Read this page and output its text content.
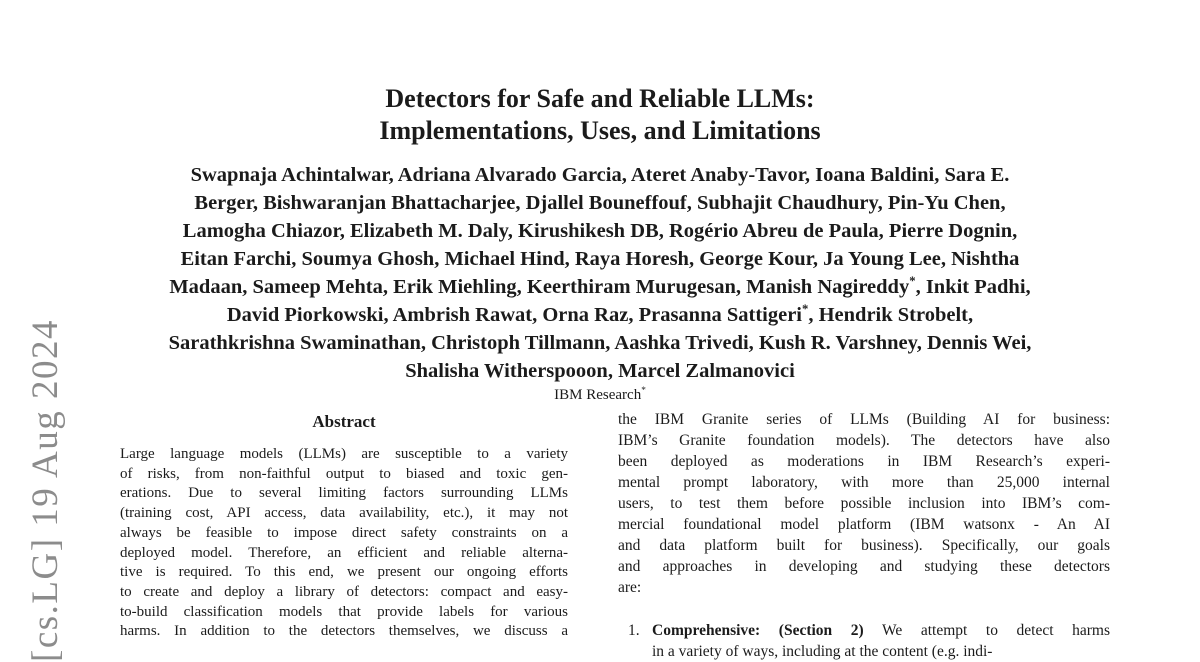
[cs.LG] 19 Aug 2024
Detectors for Safe and Reliable LLMs:
Implementations, Uses, and Limitations
Swapnaja Achintalwar, Adriana Alvarado Garcia, Ateret Anaby-Tavor, Ioana Baldini, Sara E.
Berger, Bishwaranjan Bhattacharjee, Djallel Bouneffouf, Subhajit Chaudhury, Pin-Yu Chen,
Lamogha Chiazor, Elizabeth M. Daly, Kirushikesh DB, Rogério Abreu de Paula, Pierre Dognin,
Eitan Farchi, Soumya Ghosh, Michael Hind, Raya Horesh, George Kour, Ja Young Lee, Nishtha
Madaan, Sameep Mehta, Erik Miehling, Keerthiram Murugesan, Manish Nagireddy*, Inkit Padhi,
David Piorkowski, Ambrish Rawat, Orna Raz, Prasanna Sattigeri*, Hendrik Strobelt,
Sarathkrishna Swaminathan, Christoph Tillmann, Aashka Trivedi, Kush R. Varshney, Dennis Wei,
Shalisha Witherspooon, Marcel Zalmanovici
IBM Research*
Abstract
Large language models (LLMs) are susceptible to a variety
of risks, from non-faithful output to biased and toxic gen-
erations. Due to several limiting factors surrounding LLMs
(training cost, API access, data availability, etc.), it may not
always be feasible to impose direct safety constraints on a
deployed model. Therefore, an efficient and reliable alterna-
tive is required. To this end, we present our ongoing efforts
to create and deploy a library of detectors: compact and easy-
to-build classification models that provide labels for various
harms. In addition to the detectors themselves, we discuss a
the IBM Granite series of LLMs (Building AI for business:
IBM’s Granite foundation models). The detectors have also
been deployed as moderations in IBM Research’s experi-
mental prompt laboratory, with more than 25,000 internal
users, to test them before possible inclusion into IBM’s com-
mercial foundational model platform (IBM watsonx - An AI
and data platform built for business). Specifically, our goals
and approaches in developing and studying these detectors
are:
1. Comprehensive: (Section 2) We attempt to detect harms
in a variety of ways, including at the content (e.g. indi-
